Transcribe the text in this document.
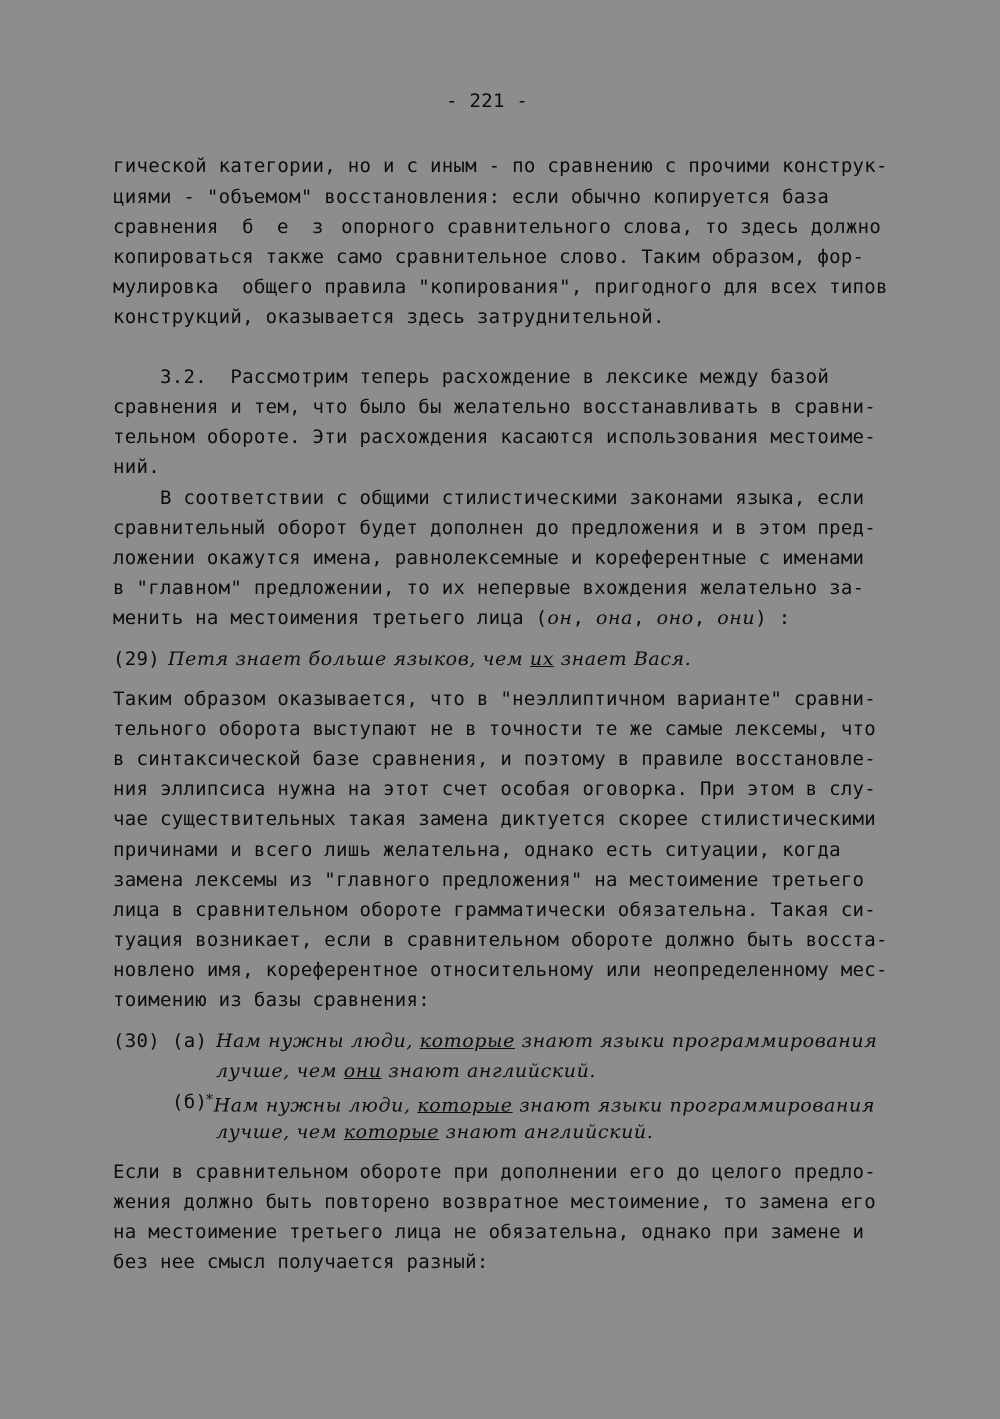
- 221 -
гической категории, но и с иным - по сравнению с прочими конструк-
циями - "объемом" восстановления: если обычно копируется база
сравнения б е з опорного сравнительного слова, то здесь должно
копироваться также само сравнительное слово. Таким образом, фор-
мулировка  общего правила "копирования", пригодного для всех типов
конструкций, оказывается здесь затруднительной.
3.2.  Рассмотрим теперь расхождение в лексике между базой
сравнения и тем, что было бы желательно восстанавливать в сравни-
тельном обороте. Эти расхождения касаются использования местоиме-
ний.
В соответствии с общими стилистическими законами языка, если
сравнительный оборот будет дополнен до предложения и в этом пред-
ложении окажутся имена, равнолексемные и кореферентные с именами
в "главном" предложении, то их непервые вхождения желательно за-
менить на местоимения третьего лица (он, она, оно, они) :
(29) Петя знает больше языков, чем их знает Вася.
Таким образом оказывается, что в "неэллиптичном варианте" сравни-
тельного оборота выступают не в точности те же самые лексемы, что
в синтаксической базе сравнения, и поэтому в правиле восстановле-
ния эллипсиса нужна на этот счет особая оговорка. При этом в слу-
чае существительных такая замена диктуется скорее стилистическими
причинами и всего лишь желательна, однако есть ситуации, когда
замена лексемы из "главного предложения" на местоимение третьего
лица в сравнительном обороте грамматически обязательна. Такая си-
туация возникает, если в сравнительном обороте должно быть восста-
новлено имя, кореферентное относительному или неопределенному мес-
тоимению из базы сравнения:
(30) (а) Нам нужны люди, которые знают языки программирования
лучше, чем они знают английский.
(б)
*Нам нужны люди, которые знают языки программирования
лучше, чем которые знают английский.
Если в сравнительном обороте при дополнении его до целого предло-
жения должно быть повторено возвратное местоимение, то замена его
на местоимение третьего лица не обязательна, однако при замене и
без нее смысл получается разный:
